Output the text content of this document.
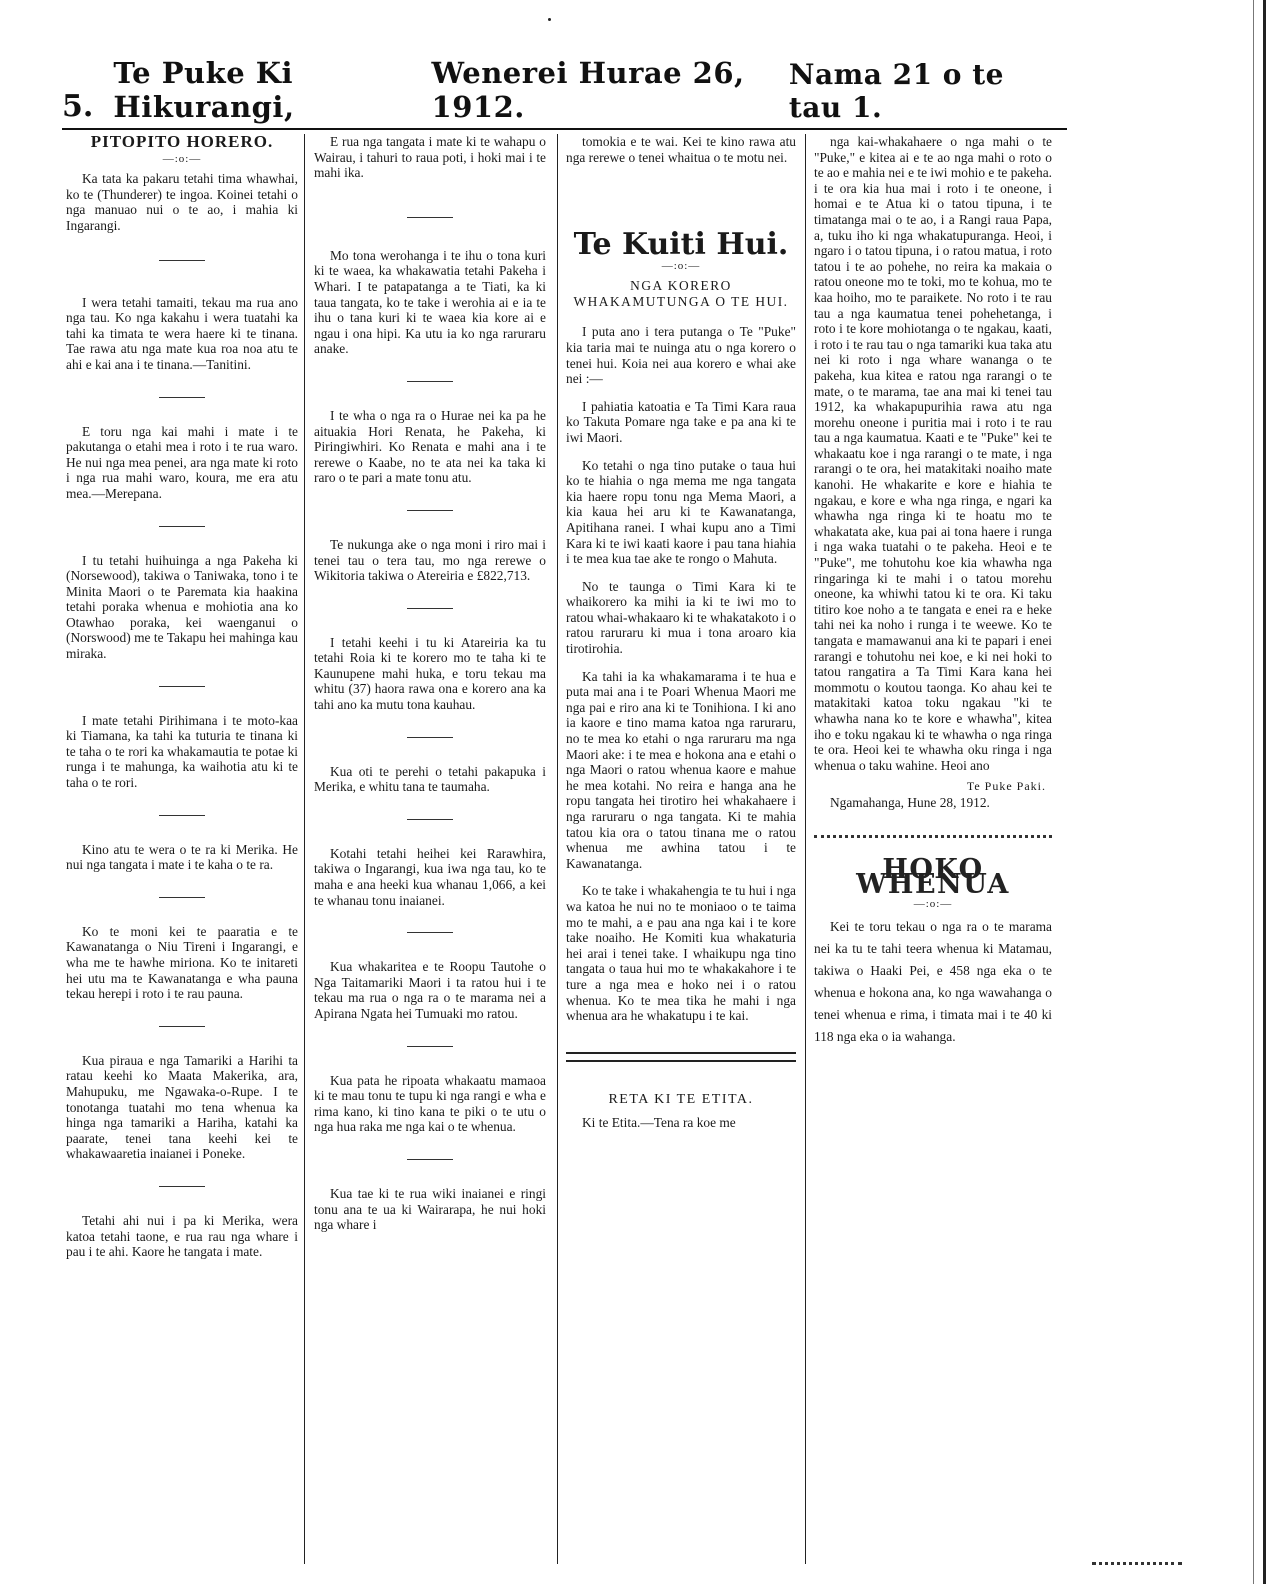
5.
Te Puke Ki Hikurangi,
Wenerei Hurae 26, 1912.
Nama 21 o te tau 1.
PITOPITO HORERO.
—:o:—

Ka tata ka pakaru tetahi tima whawhai, ko te (Thunderer) te ingoa. Koinei tetahi o nga manuao nui o te ao, i mahia ki Ingarangi.

I wera tetahi tamaiti, tekau ma rua ano nga tau. Ko nga kakahu i wera tuatahi ka tahi ka timata te wera haere ki te tinana. Tae rawa atu nga mate kua roa noa atu te ahi e kai ana i te tinana.—Tanitini.

E toru nga kai mahi i mate i te pakutanga o etahi mea i roto i te rua waro. He nui nga mea penei, ara nga mate ki roto i nga rua mahi waro, koura, me era atu mea.—Merepana.

I tu tetahi huihuinga a nga Pakeha ki (Norsewood), takiwa o Taniwaka, tono i te Minita Maori o te Paremata kia haakina tetahi poraka whenua e mohiotia ana ko Otawhao poraka, kei waenganui o (Norswood) me te Takapu hei mahinga kau miraka.

I mate tetahi Pirihimana i te moto-kaa ki Tiamana, ka tahi ka tuturia te tinana ki te taha o te rori ka whakamautia te potae ki runga i te mahunga, ka waihotia atu ki te taha o te rori.

Kino atu te wera o te ra ki Merika. He nui nga tangata i mate i te kaha o te ra.

Ko te moni kei te paaratia e te Kawanatanga o Niu Tireni i Ingarangi, e wha me te hawhe miriona. Ko te initareti hei utu ma te Kawanatanga e wha pauna tekau herepi i roto i te rau pauna.

Kua piraua e nga Tamariki a Harihi ta ratau keehi ko Maata Makerika, ara, Mahupuku, me Ngawaka-o-Rupe. I te tonotanga tuatahi mo tena whenua ka hinga nga tamariki a Hariha, katahi ka paarate, tenei tana keehi kei te whakawaaretia inaianei i Poneke.

Tetahi ahi nui i pa ki Merika, wera katoa tetahi taone, e rua rau nga whare i pau i te ahi. Kaore he tangata i mate.

E rua nga tangata i mate ki te wahapu o Wairau, i tahuri to raua poti, i hoki mai i te mahi ika.

Mo tona werohanga i te ihu o tona kuri ki te waea, ka whakawatia tetahi Pakeha i Whari. I te patapatanga a te Tiati, ka ki taua tangata, ko te take i werohia ai e ia te ihu o tana kuri ki te waea kia kore ai e ngau i ona hipi. Ka utu ia ko nga raruraru anake.

I te wha o nga ra o Hurae nei ka pa he aituakia Hori Renata, he Pakeha, ki Piringiwhiri. Ko Renata e mahi ana i te rerewe o Kaabe, no te ata nei ka taka ki raro o te pari a mate tonu atu.

Te nukunga ake o nga moni i riro mai i tenei tau o tera tau, mo nga rerewe o Wikitoria takiwa o Atereiria e £822,713.

I tetahi keehi i tu ki Atareiria ka tu tetahi Roia ki te korero mo te taha ki te Kaunupene mahi huka, e toru tekau ma whitu (37) haora rawa ona e korero ana ka tahi ano ka mutu tona kauhau.

Kua oti te perehi o tetahi pakapuka i Merika, e whitu tana te taumaha.

Kotahi tetahi heihei kei Rarawhira, takiwa o Ingarangi, kua iwa nga tau, ko te maha e ana heeki kua whanau 1,066, a kei te whanau tonu inaianei.

Kua whakaritea e te Roopu Tautohe o Nga Taitamariki Maori i ta ratou hui i te tekau ma rua o nga ra o te marama nei a Apirana Ngata hei Tumuaki mo ratou.

Kua pata he ripoata whakaatu mamaoa ki te mau tonu te tupu ki nga rangi e wha e rima kano, ki tino kana te piki o te utu o nga hua raka me nga kai o te whenua.

Kua tae ki te rua wiki inaianei e ringi tonu ana te ua ki Wairarapa, he nui hoki nga whare i

tomokia e te wai. Kei te kino rawa atu nga rerewe o tenei whaitua o te motu nei.

Te Kuiti Hui.
—:o:—
NGA KORERO WHAKAMUTUNGA O TE HUI.

I puta ano i tera putanga o Te "Puke" kia taria mai te nuinga atu o nga korero o tenei hui. Koia nei aua korero e whai ake nei :—

I pahiatia katoatia e Ta Timi Kara raua ko Takuta Pomare nga take e pa ana ki te iwi Maori.

Ko tetahi o nga tino putake o taua hui ko te hiahia o nga mema me nga tangata kia haere ropu tonu nga Mema Maori, a kia kaua hei aru ki te Kawanatanga, Apitihana ranei. I whai kupu ano a Timi Kara ki te iwi kaati kaore i pau tana hiahia i te mea kua tae ake te rongo o Mahuta.

No te taunga o Timi Kara ki te whaikorero ka mihi ia ki te iwi mo to ratou whai-whakaaro ki te whakatakoto i o ratou raruraru ki mua i tona aroaro kia tirotirohia.

Ka tahi ia ka whakamarama i te hua e puta mai ana i te Poari Whenua Maori me nga pai e riro ana ki te Tonihiona. I ki ano ia kaore e tino mama katoa nga raruraru, no te mea ko etahi o nga raruraru ma nga Maori ake: i te mea e hokona ana e etahi o nga Maori o ratou whenua kaore e mahue he mea kotahi. No reira e hanga ana he ropu tangata hei tirotiro hei whakahaere i nga raruraru o nga tangata. Ki te mahia tatou kia ora o tatou tinana me o ratou whenua me awhina tatou i te Kawanatanga.

Ko te take i whakahengia te tu hui i nga wa katoa he nui no te moniaoo o te taima mo te mahi, a e pau ana nga kai i te kore take noaiho. He Komiti kua whakaturia hei arai i tenei take. I whaikupu nga tino tangata o taua hui mo te whakakahore i te ture a nga mea e hoko nei i o ratou whenua. Ko te mea tika he mahi i nga whenua ara he whakatupu i te kai.

RETA KI TE ETITA.

Ki te Etita.—Tena ra koe me

nga kai-whakahaere o nga mahi o te "Puke," e kitea ai e te ao nga mahi o roto o te ao e mahia nei e te iwi mohio e te pakeha. i te ora kia hua mai i roto i te oneone, i homai e te Atua ki o tatou tipuna, i te timatanga mai o te ao, i a Rangi raua Papa, a, tuku iho ki nga whakatupuranga. Heoi, i ngaro i o tatou tipuna, i o ratou matua, i roto tatou i te ao pohehe, no reira ka makaia o ratou oneone mo te toki, mo te kohua, mo te kaa hoiho, mo te paraikete. No roto i te rau tau a nga kaumatua tenei pohehetanga, i roto i te kore mohiotanga o te ngakau, kaati, i roto i te rau tau o nga tamariki kua taka atu nei ki roto i nga whare wananga o te pakeha, kua kitea e ratou nga rarangi o te mate, o te marama, tae ana mai ki tenei tau 1912, ka whakapupurihia rawa atu nga morehu oneone i puritia mai i roto i te rau tau a nga kaumatua. Kaati e te "Puke" kei te whakaatu koe i nga rarangi o te mate, i nga rarangi o te ora, hei matakitaki noaiho mate kanohi. He whakarite e kore e hiahia te ngakau, e kore e wha nga ringa, e ngari ka whawha nga ringa ki te hoatu mo te whakatata ake, kua pai ai tona haere i runga i nga waka tuatahi o te pakeha. Heoi e te "Puke", me tohutohu koe kia whawha nga ringaringa ki te mahi i o tatou morehu oneone, ka whiwhi tatou ki te ora. Ki taku titiro koe noho a te tangata e enei ra e heke tahi nei ka noho i runga i te weewe. Ko te tangata e mamawanui ana ki te papari i enei rarangi e tohutohu nei koe, e ki nei hoki to tatou rangatira a Ta Timi Kara kana hei mommotu o koutou taonga. Ko ahau kei te matakitaki katoa toku ngakau "ki te whawha nana ko te kore e whawha", kitea iho e toku ngakau ki te whawha o nga ringa te ora. Heoi kei te whawha oku ringa i nga whenua o taku wahine. Heoi ano

Te Puke Paki.

Ngamahanga, Hune 28, 1912.

HOKO WHENUA
—:o:—

Kei te toru tekau o nga ra o te marama nei ka tu te tahi teera whenua ki Matamau, takiwa o Haaki Pei, e 458 nga eka o te whenua e hokona ana, ko nga wawahanga o tenei whenua e rima, i timata mai i te 40 ki 118 nga eka o ia wahanga.
